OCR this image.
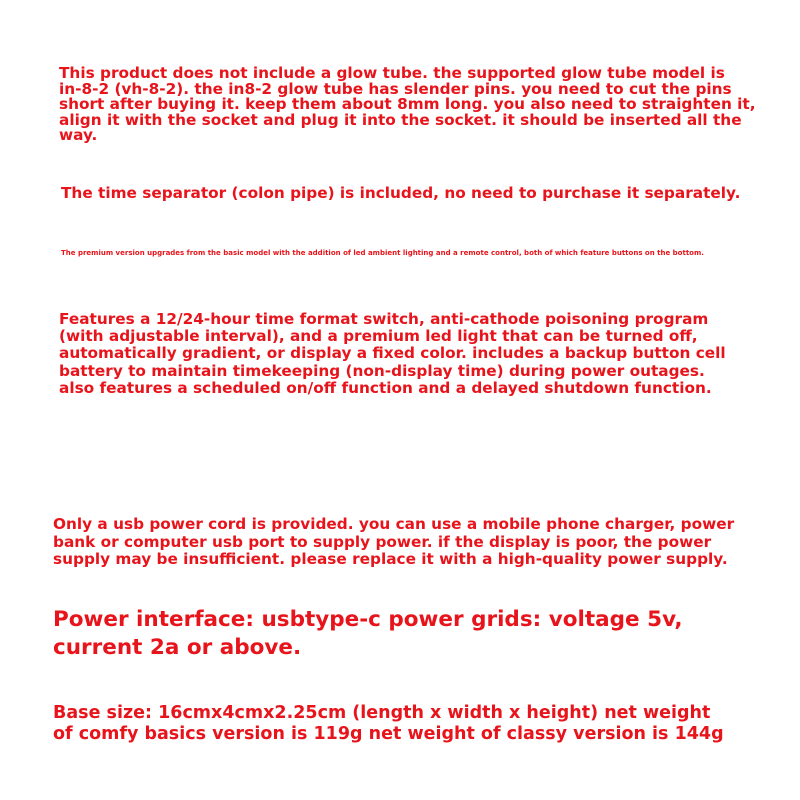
This product does not include a glow tube. the supported glow tube model is
in-8-2 (vh-8-2). the in8-2 glow tube has slender pins. you need to cut the pins
short after buying it. keep them about 8mm long. you also need to straighten it,
align it with the socket and plug it into the socket. it should be inserted all the way.

The time separator (colon pipe) is included, no need to purchase it separately.

The premium version upgrades from the basic model with the addition of led ambient lighting and a remote control, both of which feature buttons on the bottom.

Features a 12/24-hour time format switch, anti-cathode poisoning program
(with adjustable interval), and a premium led light that can be turned off,
automatically gradient, or display a fixed color. includes a backup button cell
battery to maintain timekeeping (non-display time) during power outages.
also features a scheduled on/off function and a delayed shutdown function.

Only a usb power cord is provided. you can use a mobile phone charger, power
bank or computer usb port to supply power. if the display is poor, the power
supply may be insufficient. please replace it with a high-quality power supply.

Power interface: usbtype-c power grids: voltage 5v,
current 2a or above.

Base size: 16cmx4cmx2.25cm (length x width x height) net weight
of comfy basics version is 119g net weight of classy version is 144g
